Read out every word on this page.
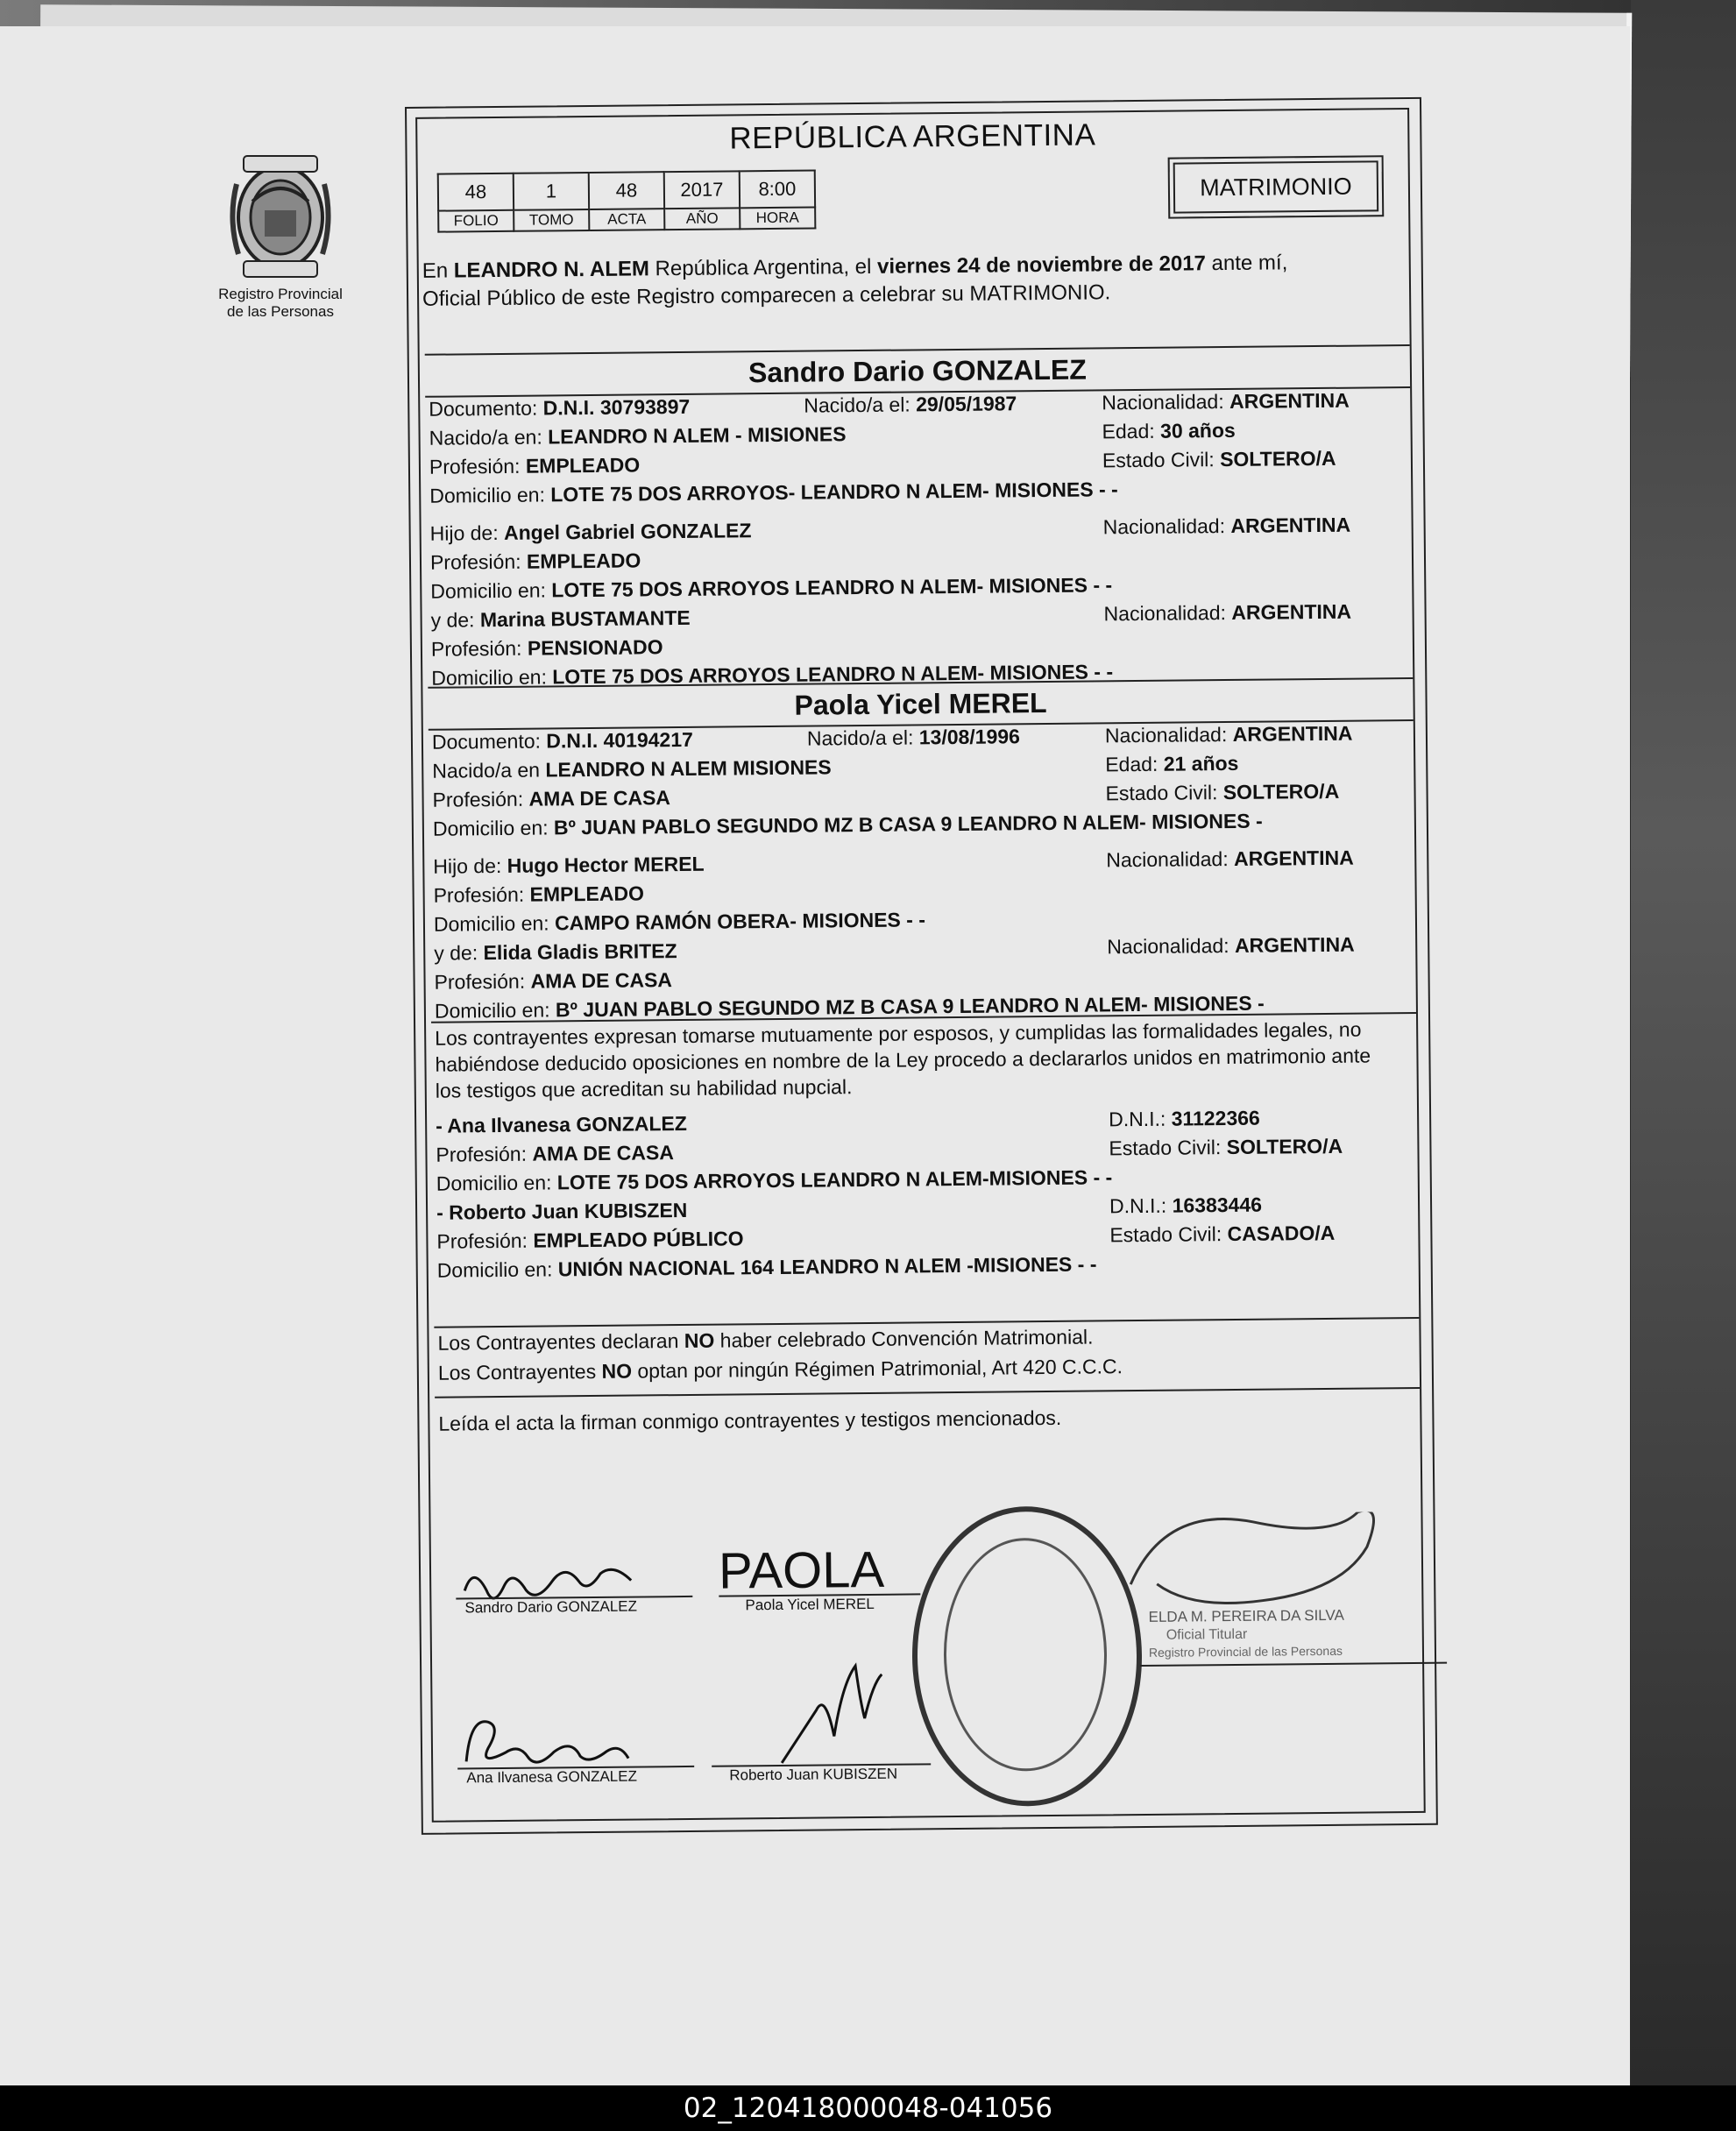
Registro Provincial
de las Personas
REPÚBLICA ARGENTINA
48	1	48	2017	8:00
FOLIO	TOMO	ACTA	AÑO	HORA
MATRIMONIO
En LEANDRO N. ALEM República Argentina, el viernes 24 de noviembre de 2017 ante mí,
Oficial Público de este Registro comparecen a celebrar su MATRIMONIO.
Sandro Dario GONZALEZ
Documento: D.N.I. 30793897	Nacido/a el: 29/05/1987	Nacionalidad: ARGENTINA
Nacido/a en: LEANDRO N ALEM - MISIONES	Edad: 30 años
Profesión: EMPLEADO	Estado Civil: SOLTERO/A
Domicilio en: LOTE 75 DOS ARROYOS- LEANDRO N ALEM- MISIONES - -
Hijo de: Angel Gabriel GONZALEZ	Nacionalidad: ARGENTINA
Profesión: EMPLEADO
Domicilio en: LOTE 75 DOS ARROYOS LEANDRO N ALEM- MISIONES - -
y de: Marina BUSTAMANTE	Nacionalidad: ARGENTINA
Profesión: PENSIONADO
Domicilio en: LOTE 75 DOS ARROYOS LEANDRO N ALEM- MISIONES - -
Paola Yicel MEREL
Documento: D.N.I. 40194217	Nacido/a el: 13/08/1996	Nacionalidad: ARGENTINA
Nacido/a en LEANDRO N ALEM MISIONES	Edad: 21 años
Profesión: AMA DE CASA	Estado Civil: SOLTERO/A
Domicilio en: Bº JUAN PABLO SEGUNDO MZ B CASA 9 LEANDRO N ALEM- MISIONES -
Hijo de: Hugo Hector MEREL	Nacionalidad: ARGENTINA
Profesión: EMPLEADO
Domicilio en: CAMPO RAMÓN OBERA- MISIONES - -
y de: Elida Gladis BRITEZ	Nacionalidad: ARGENTINA
Profesión: AMA DE CASA
Domicilio en: Bº JUAN PABLO SEGUNDO MZ B CASA 9 LEANDRO N ALEM- MISIONES -
Los contrayentes expresan tomarse mutuamente por esposos, y cumplidas las formalidades legales, no
habiéndose deducido oposiciones en nombre de la Ley procedo a declararlos unidos en matrimonio ante
los testigos que acreditan su habilidad nupcial.
- Ana Ilvanesa GONZALEZ	D.N.I.: 31122366
Profesión: AMA DE CASA	Estado Civil: SOLTERO/A
Domicilio en: LOTE 75 DOS ARROYOS LEANDRO N ALEM-MISIONES - -
- Roberto Juan KUBISZEN	D.N.I.: 16383446
Profesión: EMPLEADO PÚBLICO	Estado Civil: CASADO/A
Domicilio en: UNIÓN NACIONAL 164 LEANDRO N ALEM -MISIONES - -
Los Contrayentes declaran NO haber celebrado Convención Matrimonial.
Los Contrayentes NO optan por ningún Régimen Patrimonial, Art 420 C.C.C.
Leída el acta la firman conmigo contrayentes y testigos mencionados.
PAOLA
Sandro Dario GONZALEZ	Paola Yicel MEREL
Ana Ilvanesa GONZALEZ	Roberto Juan KUBISZEN
ELDA M. PEREIRA DA SILVA
Oficial Titular
Registro Provincial de las Personas
02_120418000048-041056
